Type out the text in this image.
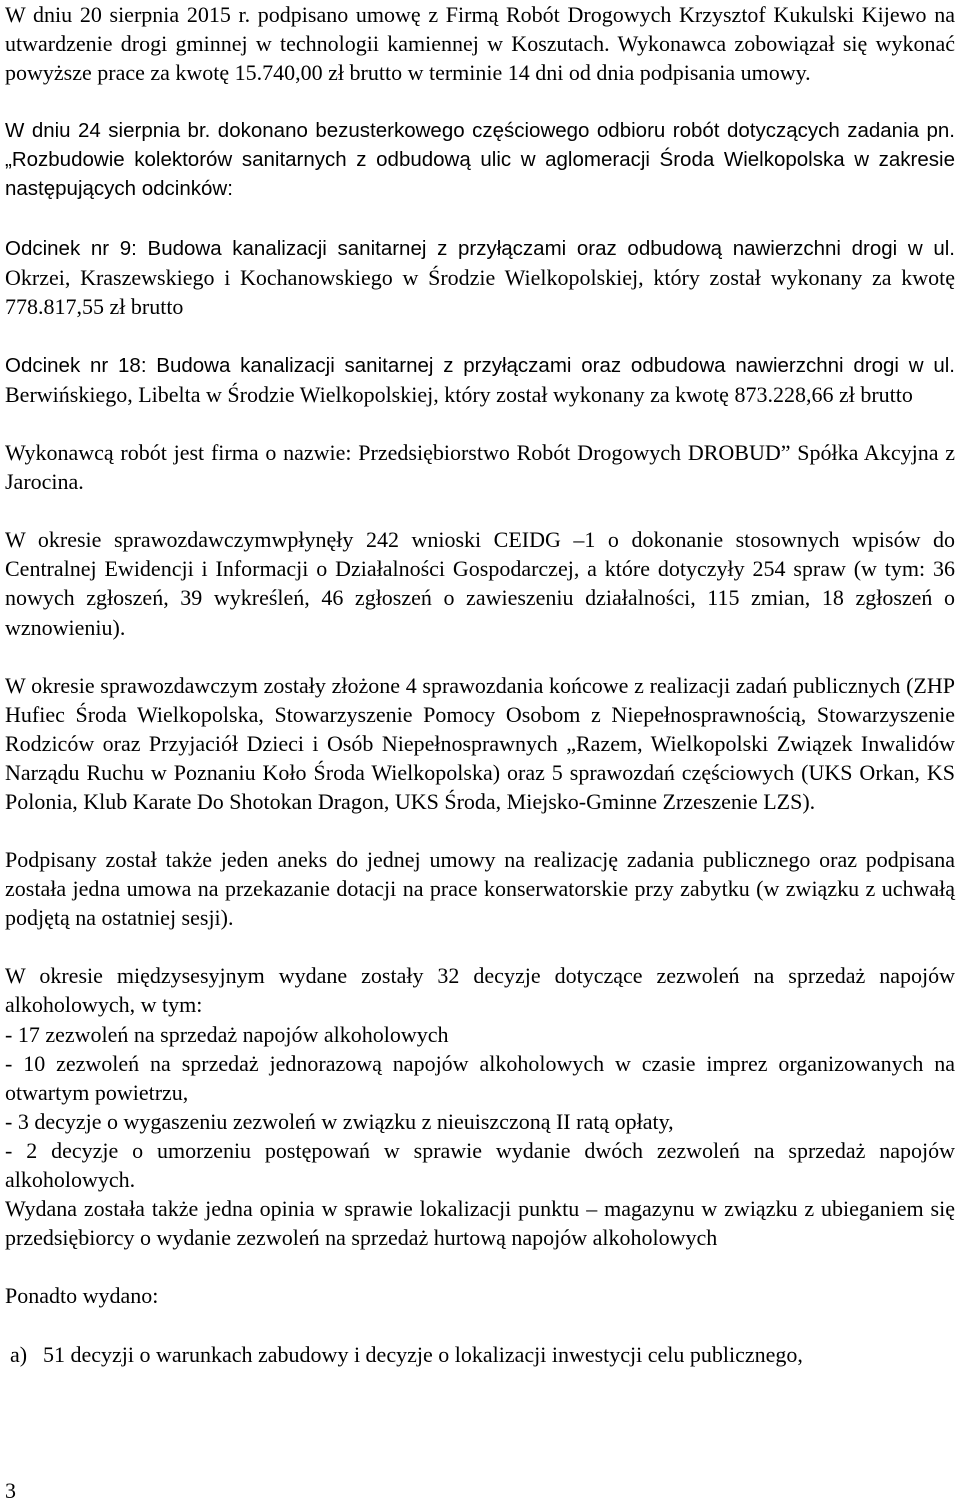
W dniu 20 sierpnia 2015 r. podpisano umowę z Firmą Robót Drogowych Krzysztof Kukulski Kijewo na utwardzenie drogi gminnej w technologii kamiennej w Koszutach. Wykonawca zobowiązał się wykonać powyższe prace za kwotę 15.740,00 zł brutto w terminie 14 dni od dnia podpisania umowy.

W dniu 24 sierpnia br. dokonano bezusterkowego częściowego odbioru robót dotyczących zadania pn. „Rozbudowie kolektorów sanitarnych z odbudową ulic w aglomeracji Środa Wielkopolska w zakresie następujących odcinków:

Odcinek nr 9: Budowa kanalizacji sanitarnej z przyłączami oraz odbudową nawierzchni drogi w ul. Okrzei, Kraszewskiego i Kochanowskiego w Środzie Wielkopolskiej, który został wykonany za kwotę 778.817,55 zł brutto

Odcinek nr 18: Budowa kanalizacji sanitarnej z przyłączami oraz odbudowa nawierzchni drogi w ul. Berwińskiego, Libelta w Środzie Wielkopolskiej, który został wykonany za kwotę 873.228,66 zł brutto

Wykonawcą robót jest firma o nazwie: Przedsiębiorstwo Robót Drogowych DROBUD” Spółka Akcyjna z Jarocina.

W okresie sprawozdawczymwpłynęły 242 wnioski CEIDG –1 o dokonanie stosownych wpisów do Centralnej Ewidencji i Informacji o Działalności Gospodarczej, a które dotyczyły 254 spraw (w tym: 36 nowych zgłoszeń, 39 wykreśleń, 46 zgłoszeń o zawieszeniu działalności, 115 zmian, 18 zgłoszeń o wznowieniu).

W okresie sprawozdawczym zostały złożone 4 sprawozdania końcowe z realizacji zadań publicznych (ZHP Hufiec Środa Wielkopolska, Stowarzyszenie Pomocy Osobom z Niepełnosprawnością, Stowarzyszenie Rodziców oraz Przyjaciół Dzieci i Osób Niepełnosprawnych „Razem, Wielkopolski Związek Inwalidów Narządu Ruchu w Poznaniu Koło Środa Wielkopolska) oraz 5 sprawozdań częściowych (UKS Orkan, KS Polonia, Klub Karate Do Shotokan Dragon, UKS Środa, Miejsko-Gminne Zrzeszenie LZS).

Podpisany został także jeden aneks do jednej umowy na realizację zadania publicznego oraz podpisana została jedna umowa na przekazanie dotacji na prace konserwatorskie przy zabytku (w związku z uchwałą podjętą na ostatniej sesji).

W okresie międzysesyjnym wydane zostały 32 decyzje dotyczące zezwoleń na sprzedaż napojów alkoholowych, w tym:

- 17 zezwoleń na sprzedaż napojów alkoholowych

- 10 zezwoleń na sprzedaż jednorazową napojów alkoholowych w czasie imprez organizowanych na otwartym powietrzu,

- 3 decyzje o wygaszeniu zezwoleń w związku z nieuiszczoną II ratą opłaty,

- 2 decyzje o umorzeniu postępowań w sprawie wydanie dwóch zezwoleń na sprzedaż napojów alkoholowych.

Wydana została także jedna opinia w sprawie lokalizacji punktu – magazynu w związku z ubieganiem się przedsiębiorcy o wydanie zezwoleń na sprzedaż hurtową napojów alkoholowych

Ponadto wydano:

a) 51 decyzji o warunkach zabudowy i decyzje o lokalizacji inwestycji celu publicznego,
3
